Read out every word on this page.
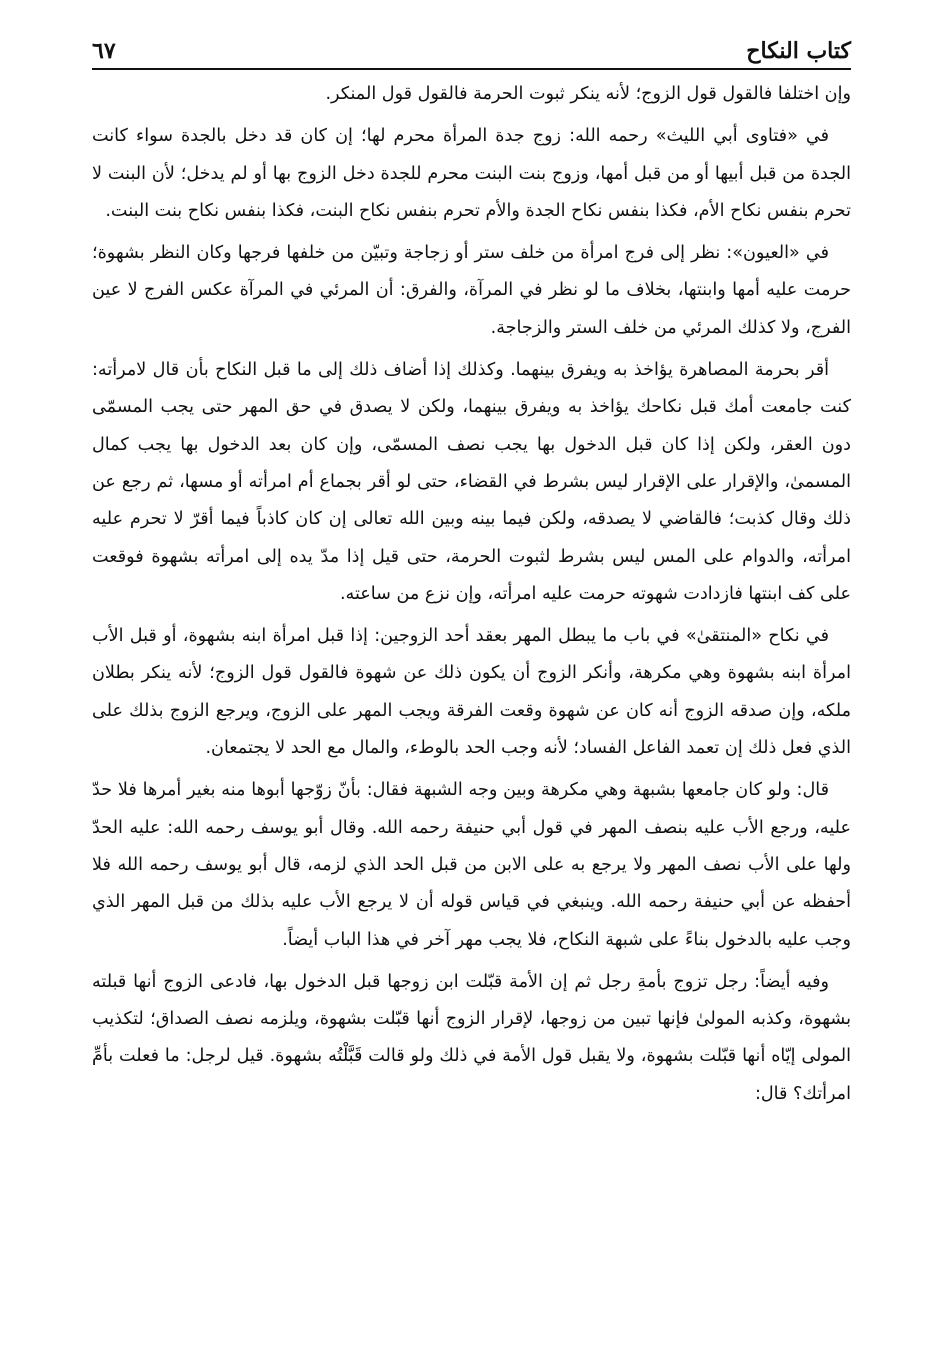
كتاب النكاح
٦٧

وإن اختلفا فالقول قول الزوج؛ لأنه ينكر ثبوت الحرمة فالقول قول المنكر.

في «فتاوى أبي الليث» رحمه الله: زوج جدة المرأة محرم لها؛ إن كان قد دخل بالجدة سواء كانت الجدة من قبل أبيها أو من قبل أمها، وزوج بنت البنت محرم للجدة دخل الزوج بها أو لم يدخل؛ لأن البنت لا تحرم بنفس نكاح الأم، فكذا بنفس نكاح الجدة والأم تحرم بنفس نكاح البنت، فكذا بنفس نكاح بنت البنت.

في «العيون»: نظر إلى فرج امرأة من خلف ستر أو زجاجة وتبيّن من خلفها فرجها وكان النظر بشهوة؛ حرمت عليه أمها وابنتها، بخلاف ما لو نظر في المرآة، والفرق: أن المرئي في المرآة عكس الفرج لا عين الفرج، ولا كذلك المرئي من خلف الستر والزجاجة.

أقر بحرمة المصاهرة يؤاخذ به ويفرق بينهما. وكذلك إذا أضاف ذلك إلى ما قبل النكاح بأن قال لامرأته: كنت جامعت أمك قبل نكاحك يؤاخذ به ويفرق بينهما، ولكن لا يصدق في حق المهر حتى يجب المسمّى دون العقر، ولكن إذا كان قبل الدخول بها يجب نصف المسمّى، وإن كان بعد الدخول بها يجب كمال المسمىٰ، والإقرار على الإقرار ليس بشرط في القضاء، حتى لو أقر بجماع أم امرأته أو مسها، ثم رجع عن ذلك وقال كذبت؛ فالقاضي لا يصدقه، ولكن فيما بينه وبين الله تعالى إن كان كاذباً فيما أقرّ لا تحرم عليه امرأته، والدوام على المس ليس بشرط لثبوت الحرمة، حتى قيل إذا مدّ يده إلى امرأته بشهوة فوقعت على كف ابنتها فازدادت شهوته حرمت عليه امرأته، وإن نزع من ساعته.

في نكاح «المنتقىٰ» في باب ما يبطل المهر بعقد أحد الزوجين: إذا قبل امرأة ابنه بشهوة، أو قبل الأب امرأة ابنه بشهوة وهي مكرهة، وأنكر الزوج أن يكون ذلك عن شهوة فالقول قول الزوج؛ لأنه ينكر بطلان ملكه، وإن صدقه الزوج أنه كان عن شهوة وقعت الفرقة ويجب المهر على الزوج، ويرجع الزوج بذلك على الذي فعل ذلك إن تعمد الفاعل الفساد؛ لأنه وجب الحد بالوطء، والمال مع الحد لا يجتمعان.

قال: ولو كان جامعها بشبهة وهي مكرهة وبين وجه الشبهة فقال: بأنّ زوّجها أبوها منه بغير أمرها فلا حدّ عليه، ورجع الأب عليه بنصف المهر في قول أبي حنيفة رحمه الله. وقال أبو يوسف رحمه الله: عليه الحدّ ولها على الأب نصف المهر ولا يرجع به على الابن من قبل الحد الذي لزمه، قال أبو يوسف رحمه الله فلا أحفظه عن أبي حنيفة رحمه الله. وينبغي في قياس قوله أن لا يرجع الأب عليه بذلك من قبل المهر الذي وجب عليه بالدخول بناءً على شبهة النكاح، فلا يجب مهر آخر في هذا الباب أيضاً.

وفيه أيضاً: رجل تزوج بأمةِ رجل ثم إن الأمة قبّلت ابن زوجها قبل الدخول بها، فادعى الزوج أنها قبلته بشهوة، وكذبه المولىٰ فإنها تبين من زوجها، لإقرار الزوج أنها قبّلت بشهوة، ويلزمه نصف الصداق؛ لتكذيب المولى إيّاه أنها قبّلت بشهوة، ولا يقبل قول الأمة في ذلك ولو قالت قَبَّلْتُه بشهوة. قيل لرجل: ما فعلت بأمِّ امرأتك؟ قال:
